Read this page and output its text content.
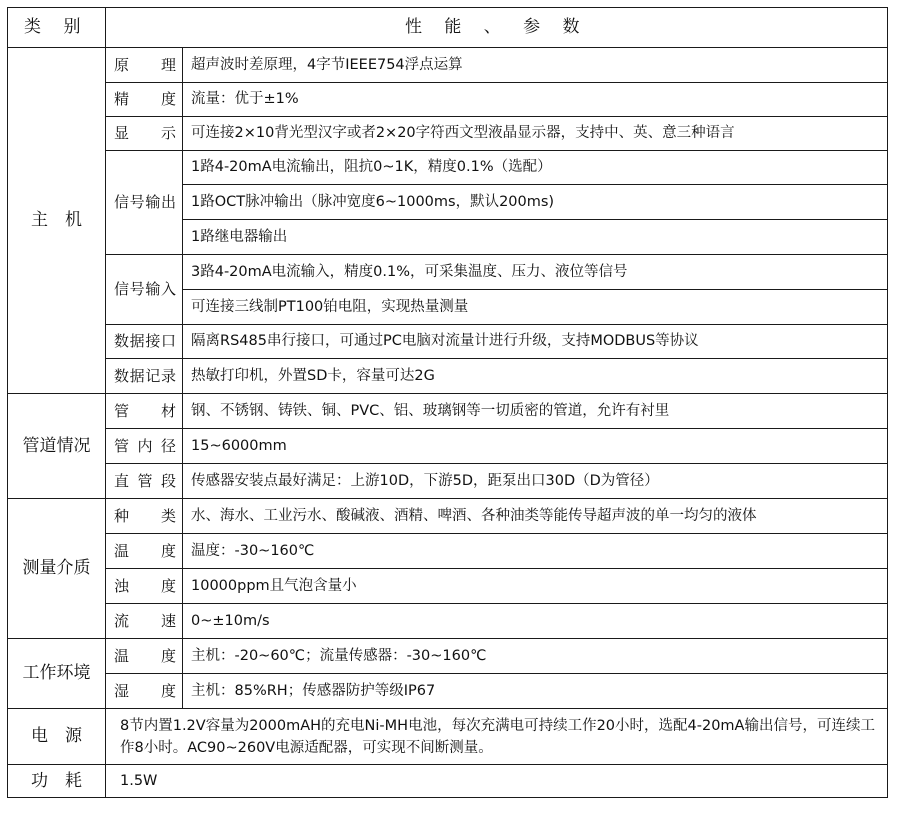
类 别	性 能 、 参 数	
主　机	原　理	超声波时差原理，4字节IEEE754浮点运算
	精　度	流量：优于±1%
	显　示	可连接2×10背光型汉字或者2×20字符西文型液晶显示器，支持中、英、意三种语言
	信号输出	1路4-20mA电流输出，阻抗0~1K，精度0.1%（选配）
		1路OCT脉冲输出（脉冲宽度6~1000ms，默认200ms)
		1路继电器输出
	信号输入	3路4-20mA电流输入，精度0.1%，可采集温度、压力、液位等信号
		可连接三线制PT100铂电阻，实现热量测量
	数据接口	隔离RS485串行接口，可通过PC电脑对流量计进行升级，支持MODBUS等协议
	数据记录	热敏打印机，外置SD卡，容量可达2G
管道情况	管　材	钢、不锈钢、铸铁、铜、PVC、铝、玻璃钢等一切质密的管道，允许有衬里
	管内径	15~6000mm
	直管段	传感器安装点最好满足：上游10D，下游5D，距泵出口30D（D为管径）
测量介质	种　类	水、海水、工业污水、酸碱液、酒精、啤酒、各种油类等能传导超声波的单一均匀的液体
	温　度	温度：-30~160℃
	浊　度	10000ppm且气泡含量小
	流　速	0~±10m/s
工作环境	温　度	主机：-20~60℃；流量传感器：-30~160℃
	湿　度	主机：85%RH；传感器防护等级IP67
电　源	8节内置1.2V容量为2000mAH的充电Ni-MH电池，每次充满电可持续工作20小时，选配4-20mA输出信号，可连续工作8小时。AC90~260V电源适配器，可实现不间断测量。	
功　耗	1.5W	
